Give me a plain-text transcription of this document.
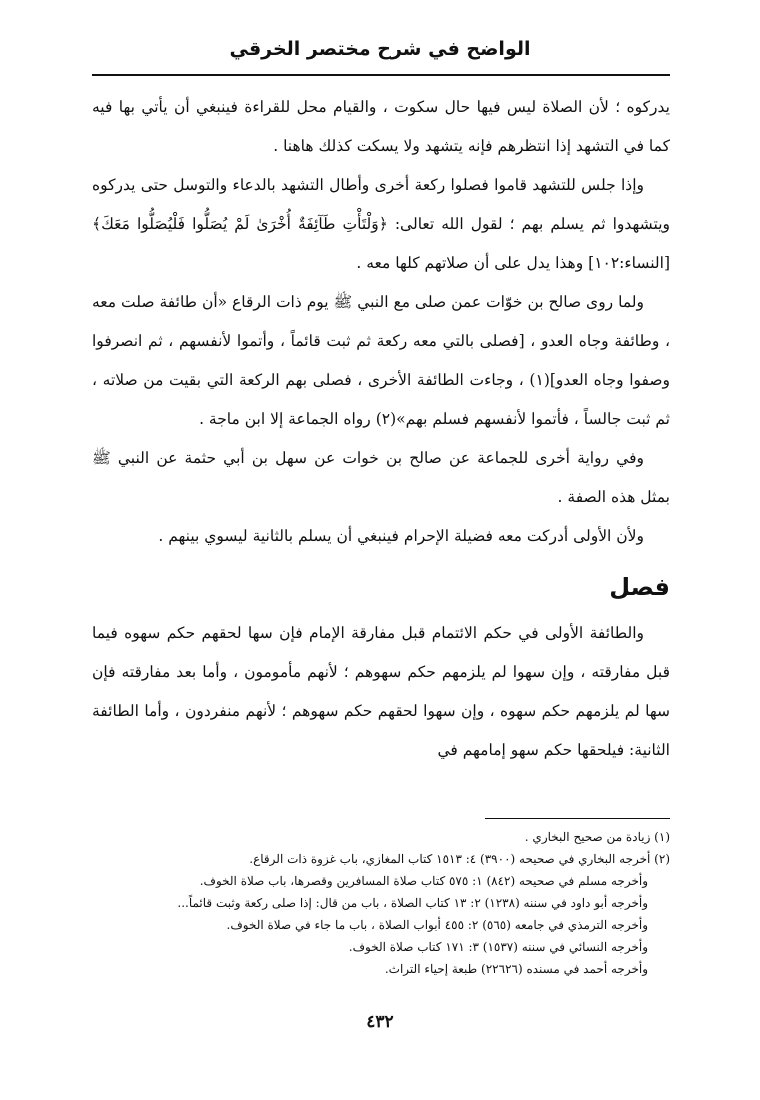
الواضح في شرح مختصر الخرقي

يدركوه ؛ لأن الصلاة ليس فيها حال سكوت ، والقيام محل للقراءة فينبغي أن يأتي بها فيه كما في التشهد إذا انتظرهم فإنه يتشهد ولا يسكت كذلك هاهنا .

وإذا جلس للتشهد قاموا فصلوا ركعة أخرى وأطال التشهد بالدعاء والتوسل حتى يدركوه ويتشهدوا ثم يسلم بهم ؛ لقول الله تعالى: ﴿وَلْتَأْتِ طَآئِفَةٌ أُخْرَىٰ لَمْ يُصَلُّوا فَلْيُصَلُّوا مَعَكَ﴾ [النساء:١٠٢] وهذا يدل على أن صلاتهم كلها معه .

ولما روى صالح بن خوّات عمن صلى مع النبي ﷺ يوم ذات الرقاع «أن طائفة صلت معه ، وطائفة وجاه العدو ، [فصلى بالتي معه ركعة ثم ثبت قائماً ، وأتموا لأنفسهم ، ثم انصرفوا وصفوا وجاه العدو](١) ، وجاءت الطائفة الأخرى ، فصلى بهم الركعة التي بقيت من صلاته ، ثم ثبت جالساً ، فأتموا لأنفسهم فسلم بهم»(٢) رواه الجماعة إلا ابن ماجة .

وفي رواية أخرى للجماعة عن صالح بن خوات عن سهل بن أبي حثمة عن النبي ﷺ بمثل هذه الصفة .

ولأن الأولى أدركت معه فضيلة الإحرام فينبغي أن يسلم بالثانية ليسوي بينهم .

فصل

والطائفة الأولى في حكم الائتمام قبل مفارقة الإمام فإن سها لحقهم حكم سهوه فيما قبل مفارقته ، وإن سهوا لم يلزمهم حكم سهوهم ؛ لأنهم مأمومون ، وأما بعد مفارقته فإن سها لم يلزمهم حكم سهوه ، وإن سهوا لحقهم حكم سهوهم ؛ لأنهم منفردون ، وأما الطائفة الثانية: فيلحقها حكم سهو إمامهم في

(١) زيادة من صحيح البخاري .

(٢) أخرجه البخاري في صحيحه (٣٩٠٠) ٤: ١٥١٣ كتاب المغازي، باب غزوة ذات الرقاع.

وأخرجه مسلم في صحيحه (٨٤٢) ١: ٥٧٥ كتاب صلاة المسافرين وقصرها، باب صلاة الخوف.

وأخرجه أبو داود في سننه (١٢٣٨) ٢: ١٣ كتاب الصلاة ، باب من قال: إذا صلى ركعة وثبت قائماً...

وأخرجه الترمذي في جامعه (٥٦٥) ٢: ٤٥٥ أبواب الصلاة ، باب ما جاء في صلاة الخوف.

وأخرجه النسائي في سننه (١٥٣٧) ٣: ١٧١ كتاب صلاة الخوف.

وأخرجه أحمد في مسنده (٢٢٦٢٦) طبعة إحياء التراث.

٤٣٢
